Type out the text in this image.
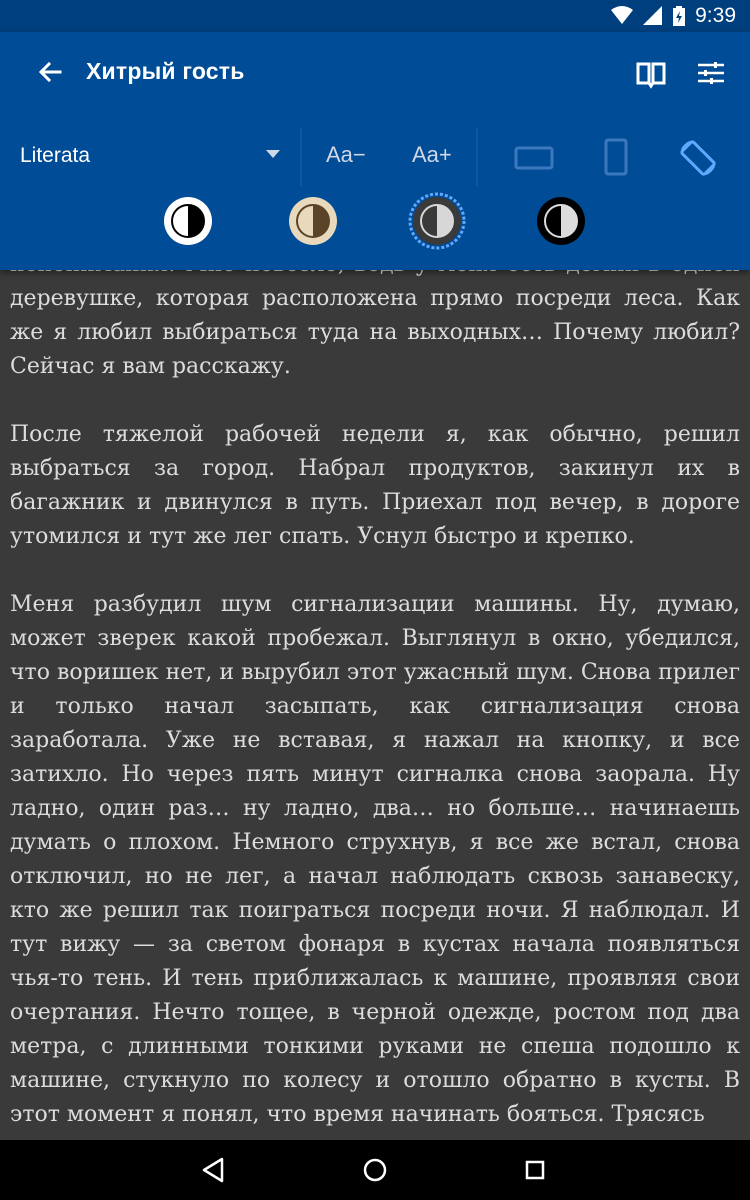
9:39
Хитрый гость
Literata	Aa− Aa+

деревушке, которая расположена прямо посреди леса. Как же я любил выбираться туда на выходных… Почему любил? Сейчас я вам расскажу.

После тяжелой рабочей недели я, как обычно, решил выбраться за город. Набрал продуктов, закинул их в багажник и двинулся в путь. Приехал под вечер, в дороге утомился и тут же лег спать. Уснул быстро и крепко.

Меня разбудил шум сигнализации машины. Ну, думаю, может зверек какой пробежал. Выглянул в окно, убедился, что воришек нет, и вырубил этот ужасный шум. Снова прилег и только начал засыпать, как сигнализация снова заработала. Уже не вставая, я нажал на кнопку, и все затихло. Но через пять минут сигналка снова заорала. Ну ладно, один раз… ну ладно, два… но больше… начинаешь думать о плохом. Немного струхнув, я все же встал, снова отключил, но не лег, а начал наблюдать сквозь занавеску, кто же решил так поиграться посреди ночи. Я наблюдал. И тут вижу — за светом фонаря в кустах начала появляться чья-то тень. И тень приближалась к машине, проявляя свои очертания. Нечто тощее, в черной одежде, ростом под два метра, с длинными тонкими руками не спеша подошло к машине, стукнуло по колесу и отошло обратно в кусты. В этот момент я понял, что время начинать бояться. Трясясь
